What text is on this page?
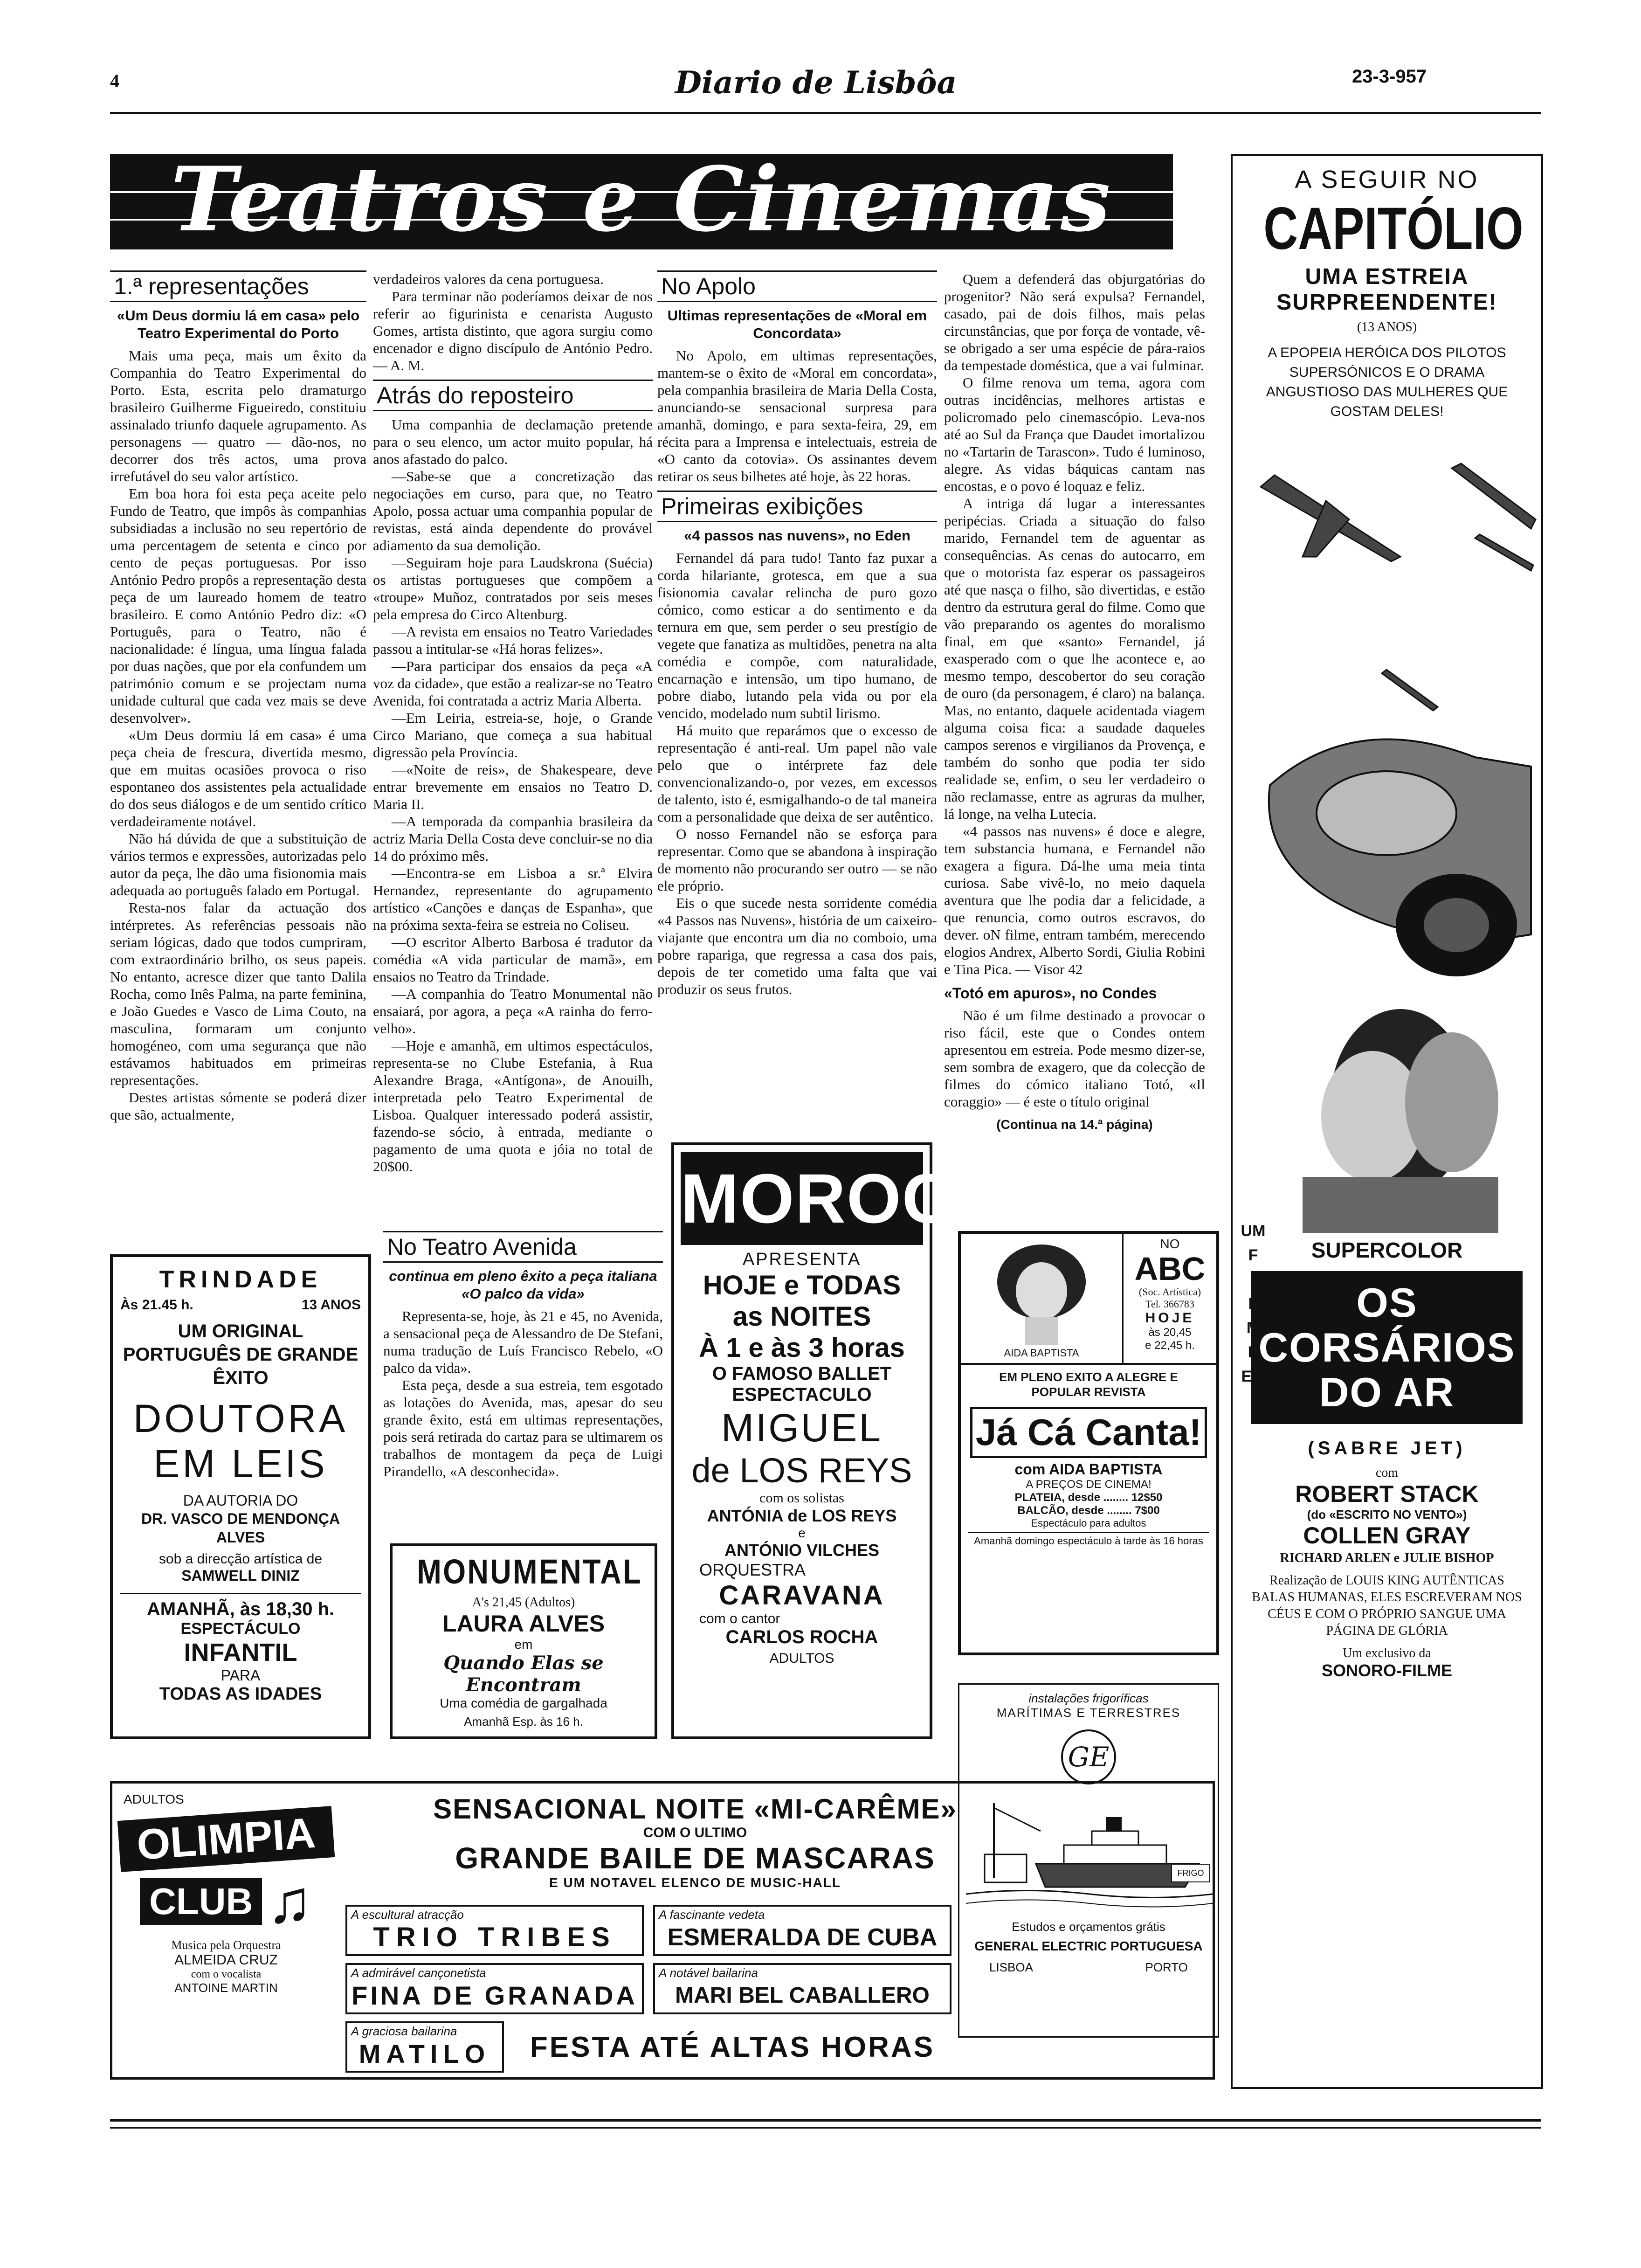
4	Diario de Lisbôa	23-3-957
Teatros e Cinemas
1.ª representações
«Um Deus dormiu lá em casa» pelo Teatro Experimental do Porto

Mais uma peça, mais um êxito da Companhia do Teatro Experimental do Porto. Esta, escrita pelo dramaturgo brasileiro Guilherme Figueiredo, constituiu assinalado triunfo daquele agrupamento. As personagens — quatro — dão-nos, no decorrer dos três actos, uma prova irrefutável do seu valor artístico.

Em boa hora foi esta peça aceite pelo Fundo de Teatro, que impôs às companhias subsidiadas a inclusão no seu repertório de uma percentagem de setenta e cinco por cento de peças portuguesas. Por isso António Pedro propôs a representação desta peça de um laureado homem de teatro brasileiro. E como António Pedro diz: «O Português, para o Teatro, não é nacionalidade: é língua, uma língua falada por duas nações, que por ela confundem um património comum e se projectam numa unidade cultural que cada vez mais se deve desenvolver».

«Um Deus dormiu lá em casa» é uma peça cheia de frescura, divertida mesmo, que em muitas ocasiões provoca o riso espontaneo dos assistentes pela actualidade do dos seus diálogos e de um sentido crítico verdadeiramente notável.

Não há dúvida de que a substituição de vários termos e expressões, autorizadas pelo autor da peça, lhe dão uma fisionomia mais adequada ao português falado em Portugal.

Resta-nos falar da actuação dos intérpretes. As referências pessoais não seriam lógicas, dado que todos cumpriram, com extraordinário brilho, os seus papeis. No entanto, acresce dizer que tanto Dalila Rocha, como Inês Palma, na parte feminina, e João Guedes e Vasco de Lima Couto, na masculina, formaram um conjunto homogéneo, com uma segurança que não estávamos habituados em primeiras representações.

Destes artistas sómente se poderá dizer que são, actualmente,

verdadeiros valores da cena portuguesa.

Para terminar não poderíamos deixar de nos referir ao figurinista e cenarista Augusto Gomes, artista distinto, que agora surgiu como encenador e digno discípulo de António Pedro. — A. M.

Atrás do reposteiro

Uma companhia de declamação pretende para o seu elenco, um actor muito popular, há anos afastado do palco.

—Sabe-se que a concretização das negociações em curso, para que, no Teatro Apolo, possa actuar uma companhia popular de revistas, está ainda dependente do provável adiamento da sua demolição.

—Seguiram hoje para Laudskrona (Suécia) os artistas portugueses que compõem a «troupe» Muñoz, contratados por seis meses pela empresa do Circo Altenburg.

—A revista em ensaios no Teatro Variedades passou a intitular-se «Há horas felizes».

—Para participar dos ensaios da peça «A voz da cidade», que estão a realizar-se no Teatro Avenida, foi contratada a actriz Maria Alberta.

—Em Leiria, estreia-se, hoje, o Grande Circo Mariano, que começa a sua habitual digressão pela Província.

—«Noite de reis», de Shakespeare, deve entrar brevemente em ensaios no Teatro D. Maria II.

—A temporada da companhia brasileira da actriz Maria Della Costa deve concluir-se no dia 14 do próximo mês.

—Encontra-se em Lisboa a sr.ª Elvira Hernandez, representante do agrupamento artístico «Canções e danças de Espanha», que na próxima sexta-feira se estreia no Coliseu.

—O escritor Alberto Barbosa é tradutor da comédia «A vida particular de mamã», em ensaios no Teatro da Trindade.

—A companhia do Teatro Monumental não ensaiará, por agora, a peça «A rainha do ferro-velho».

—Hoje e amanhã, em ultimos espectáculos, representa-se no Clube Estefania, à Rua Alexandre Braga, «Antígona», de Anouilh, interpretada pelo Teatro Experimental de Lisboa. Qualquer interessado poderá assistir, fazendo-se sócio, à entrada, mediante o pagamento de uma quota e jóia no total de 20$00.

No Apolo
Ultimas representações de «Moral em Concordata»

No Apolo, em ultimas representações, mantem-se o êxito de «Moral em concordata», pela companhia brasileira de Maria Della Costa, anunciando-se sensacional surpresa para amanhã, domingo, e para sexta-feira, 29, em récita para a Imprensa e intelectuais, estreia de «O canto da cotovia». Os assinantes devem retirar os seus bilhetes até hoje, às 22 horas.

Primeiras exibições
«4 passos nas nuvens», no Eden

Fernandel dá para tudo! Tanto faz puxar a corda hilariante, grotesca, em que a sua fisionomia cavalar relincha de puro gozo cómico, como esticar a do sentimento e da ternura em que, sem perder o seu prestígio de vegete que fanatiza as multidões, penetra na alta comédia e compõe, com naturalidade, encarnação e intensão, um tipo humano, de pobre diabo, lutando pela vida ou por ela vencido, modelado num subtil lirismo.

Há muito que reparámos que o excesso de representação é anti-real. Um papel não vale pelo que o intérprete faz dele convencionalizando-o, por vezes, em excessos de talento, isto é, esmigalhando-o de tal maneira com a personalidade que deixa de ser autêntico.

O nosso Fernandel não se esforça para representar. Como que se abandona à inspiração de momento não procurando ser outro — se não ele próprio.

Eis o que sucede nesta sorridente comédia «4 Passos nas Nuvens», história de um caixeiro-viajante que encontra um dia no comboio, uma pobre rapariga, que regressa a casa dos pais, depois de ter cometido uma falta que vai produzir os seus frutos.

Quem a defenderá das objurgatórias do progenitor? Não será expulsa? Fernandel, casado, pai de dois filhos, mais pelas circunstâncias, que por força de vontade, vê-se obrigado a ser uma espécie de pára-raios da tempestade doméstica, que a vai fulminar.

O filme renova um tema, agora com outras incidências, melhores artistas e policromado pelo cinemascópio. Leva-nos até ao Sul da França que Daudet imortalizou no «Tartarin de Tarascon». Tudo é luminoso, alegre. As vidas báquicas cantam nas encostas, e o povo é loquaz e feliz.

A intriga dá lugar a interessantes peripécias. Criada a situação do falso marido, Fernandel tem de aguentar as consequências. As cenas do autocarro, em que o motorista faz esperar os passageiros até que nasça o filho, são divertidas, e estão dentro da estrutura geral do filme. Como que vão preparando os agentes do moralismo final, em que «santo» Fernandel, já exasperado com o que lhe acontece e, ao mesmo tempo, descobertor do seu coração de ouro (da personagem, é claro) na balança. Mas, no entanto, daquele acidentada viagem alguma coisa fica: a saudade daqueles campos serenos e virgilianos da Provença, e também do sonho que podia ter sido realidade se, enfim, o seu ler verdadeiro o não reclamasse, entre as agruras da mulher, lá longe, na velha Lutecia.

«4 passos nas nuvens» é doce e alegre, tem substancia humana, e Fernandel não exagera a figura. Dá-lhe uma meia tinta curiosa. Sabe vivê-lo, no meio daquela aventura que lhe podia dar a felicidade, a que renuncia, como outros escravos, do dever. oN filme, entram também, merecendo elogios Andrex, Alberto Sordi, Giulia Robini e Tina Pica. — Visor 42

«Totó em apuros», no Condes

Não é um filme destinado a provocar o riso fácil, este que o Condes ontem apresentou em estreia. Pode mesmo dizer-se, sem sombra de exagero, que da colecção de filmes do cómico italiano Totó, «Il coraggio» — é este o título original

(Continua na 14.ª página)
No Teatro Avenida
continua em pleno êxito a peça italiana «O palco da vida»

Representa-se, hoje, às 21 e 45, no Avenida, a sensacional peça de Alessandro de De Stefani, numa tradução de Luís Francisco Rebelo, «O palco da vida».

Esta peça, desde a sua estreia, tem esgotado as lotações do Avenida, mas, apesar do seu grande êxito, está em ultimas representações, pois será retirada do cartaz para se ultimarem os trabalhos de montagem da peça de Luigi Pirandello, «A desconhecida».

TRINDADE
Às 21.45 h.	13 ANOS
UM ORIGINAL PORTUGUÊS DE GRANDE ÊXITO
DOUTORA
EM LEIS
DA AUTORIA DO
DR. VASCO DE MENDONÇA ALVES
sob a direcção artística de
SAMWELL DINIZ
AMANHÃ, às 18,30 h.
ESPECTÁCULO
INFANTIL
PARA
TODAS AS IDADES
MONUMENTAL
A's 21,45 (Adultos)
LAURA ALVES
em
Quando Elas se Encontram
Uma comédia de gargalhada
Amanhã Esp. às 16 h.
MOROCCO
APRESENTA
HOJE e TODAS
as NOITES
À 1 e às 3 horas
O FAMOSO BALLET
ESPECTACULO
MIGUEL
de LOS REYS
com os solistas
ANTÓNIA de LOS REYS
e
ANTÓNIO VILCHES
ORQUESTRA
CARAVANA
com o cantor
CARLOS ROCHA
ADULTOS
AIDA BAPTISTA
NO
ABC
(Soc. Artística)
Tel. 366783
HOJE
às 20,45
e 22,45 h.
EM PLENO EXITO A ALEGRE E POPULAR REVISTA
Já Cá Canta!
com AIDA BAPTISTA
A PREÇOS DE CINEMA!
PLATEIA, desde ........ 12$50
BALCÃO, desde ........ 7$00
Espectáculo para adultos
Amanhã domingo espectáculo à tarde às 16 horas
instalações frigoríficas
MARÍTIMAS E TERRESTRES
GE
FRIGO
Estudos e orçamentos grátis
GENERAL ELECTRIC PORTUGUESA
LISBOA	PORTO
A SEGUIR NO
CAPITÓLIO
UMA ESTREIA
SURPREENDENTE!
(13 ANOS)
A EPOPEIA HERÓICA DOS PILOTOS SUPERSÓNICOS E O DRAMA ANGUSTIOSO DAS MULHERES QUE GOSTAM DELES!
UM
F
I
L
M
E
EM
SUPERCOLOR
OS
CORSÁRIOS
DO AR
(SABRE JET)
com
ROBERT STACK
(do «ESCRITO NO VENTO»)
COLLEN GRAY
RICHARD ARLEN e JULIE BISHOP
Realização de LOUIS KING AUTÊNTICAS BALAS HUMANAS, ELES ESCREVERAM NOS CÉUS E COM O PRÓPRIO SANGUE UMA PÁGINA DE GLÓRIA
Um exclusivo da
SONORO-FILME
ADULTOS
OLIMPIA
CLUB ♫
Musica pela Orquestra
ALMEIDA CRUZ
com o vocalista
ANTOINE MARTIN
SENSACIONAL NOITE «MI-CARÊME»
COM O ULTIMO
GRANDE BAILE DE MASCARAS
E UM NOTAVEL ELENCO DE MUSIC-HALL
A escultural atracção
TRIO TRIBES
A fascinante vedeta
ESMERALDA DE CUBA
A admirável cançonetista
FINA DE GRANADA
A notável bailarina
MARI BEL CABALLERO
A graciosa bailarina
MATILO	FESTA ATÉ ALTAS HORAS
